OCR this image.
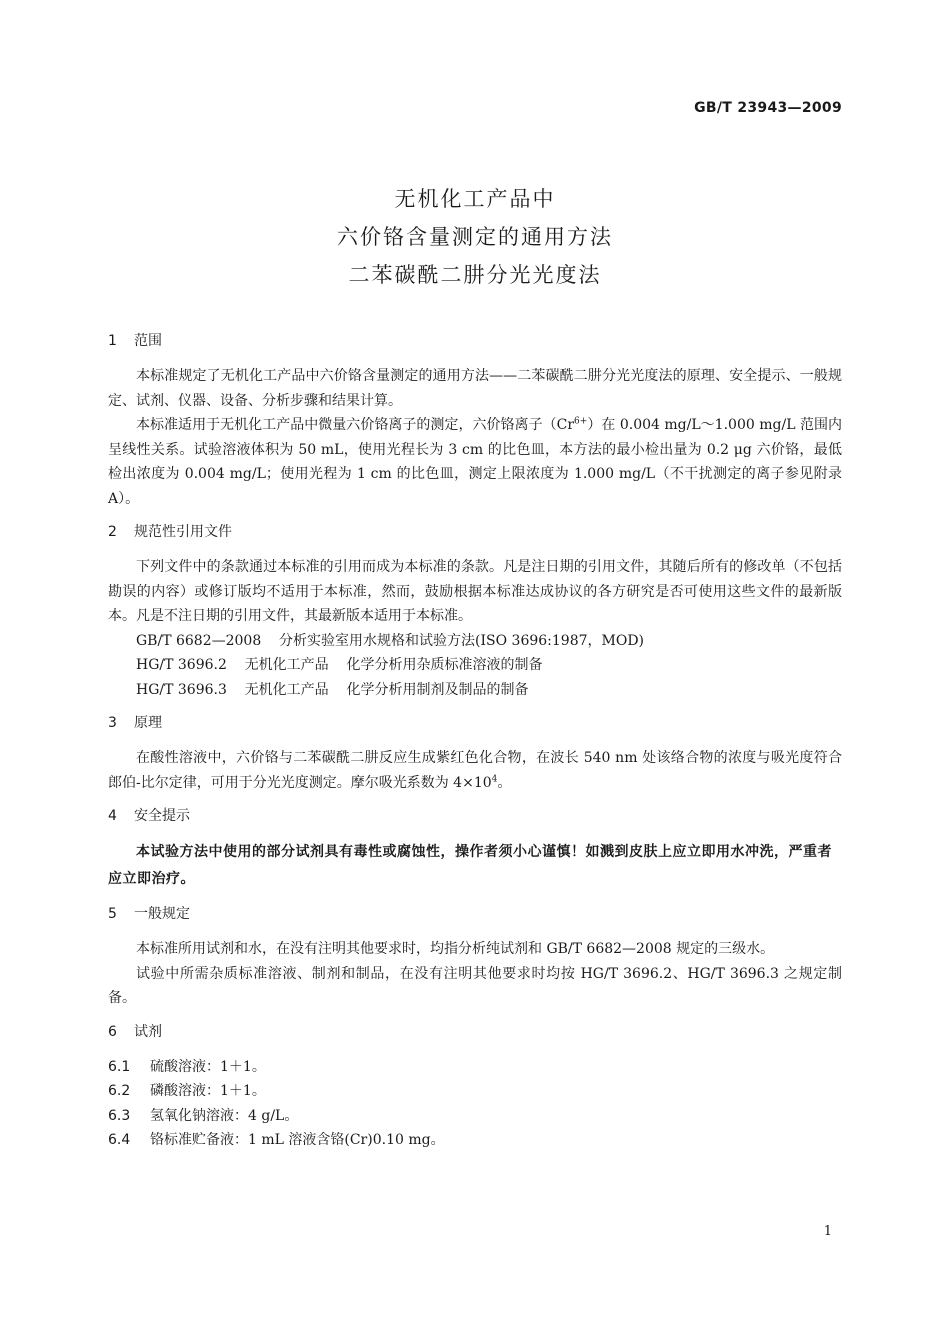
GB/T 23943—2009
无机化工产品中
六价铬含量测定的通用方法
二苯碳酰二肼分光光度法

1 范围

本标准规定了无机化工产品中六价铬含量测定的通用方法——二苯碳酰二肼分光光度法的原理、安全提示、一般规定、试剂、仪器、设备、分析步骤和结果计算。

本标准适用于无机化工产品中微量六价铬离子的测定，六价铬离子$(Cr^{6+})$在 0.004 mg/L～1.000 mg/L 范围内呈线性关系。试验溶液体积为 50 mL，使用光程长为 3 cm 的比色皿，本方法的最小检出量为 0.2 μg 六价铬，最低检出浓度为 0.004 mg/L；使用光程为 1 cm 的比色皿，测定上限浓度为 1.000 mg/L（不干扰测定的离子参见附录 A）。

2 规范性引用文件

下列文件中的条款通过本标准的引用而成为本标准的条款。凡是注日期的引用文件，其随后所有的修改单（不包括勘误的内容）或修订版均不适用于本标准，然而，鼓励根据本标准达成协议的各方研究是否可使用这些文件的最新版本。凡是不注日期的引用文件，其最新版本适用于本标准。

GB/T 6682—2008    分析实验室用水规格和试验方法(ISO 3696:1987，MOD)

HG/T 3696.2    无机化工产品    化学分析用杂质标准溶液的制备

HG/T 3696.3    无机化工产品    化学分析用制剂及制品的制备

3 原理

在酸性溶液中，六价铬与二苯碳酰二肼反应生成紫红色化合物，在波长 540 nm 处该络合物的浓度与吸光度符合郎伯-比尔定律，可用于分光光度测定。摩尔吸光系数为 $4\times 10^4$。

4 安全提示

本试验方法中使用的部分试剂具有毒性或腐蚀性，操作者须小心谨慎！如溅到皮肤上应立即用水冲洗，严重者应立即治疗。

5 一般规定

本标准所用试剂和水，在没有注明其他要求时，均指分析纯试剂和 GB/T 6682—2008 规定的三级水。

试验中所需杂质标准溶液、制剂和制品，在没有注明其他要求时均按 HG/T 3696.2、HG/T 3696.3 之规定制备。

6 试剂

6.1 硫酸溶液：1＋1。

6.2 磷酸溶液：1＋1。

6.3 氢氧化钠溶液：4 g/L。

6.4 铬标准贮备液：1 mL 溶液含铬(Cr)0.10 mg。

1
